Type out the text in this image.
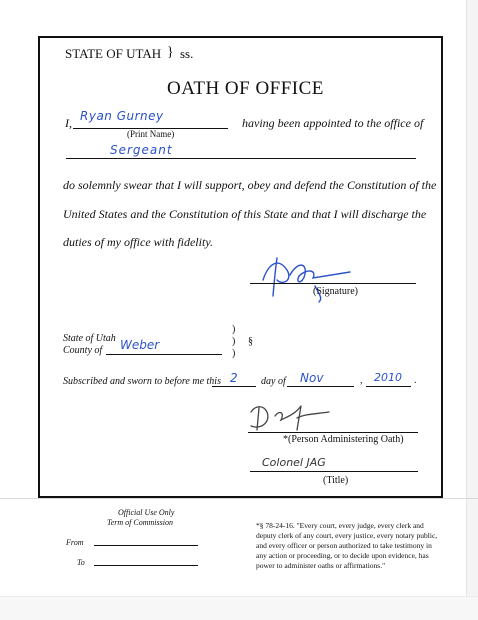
STATE OF UTAH } ss.
OATH OF OFFICE
I, Ryan Gurney
(Print Name)
having been appointed to the office of
Sergeant
do solemnly swear that I will support, obey and defend the Constitution of the
United States and the Constitution of this State and that I will discharge the
duties of my office with fidelity.
(Signature)
State of Utah
County of Weber
)
)
)
§
Subscribed and sworn to before me this 2 day of Nov	, 2010 .
*(Person Administering Oath)
Colonel JAG
(Title)
Official Use Only
Term of Commission
From
To
*§ 78-24-16. "Every court, every judge, every clerk and
deputy clerk of any court, every justice, every notary public,
and every officer or person authorized to take testimony in
any action or proceeding, or to decide upon evidence, has
power to administer oaths or affirmations."
